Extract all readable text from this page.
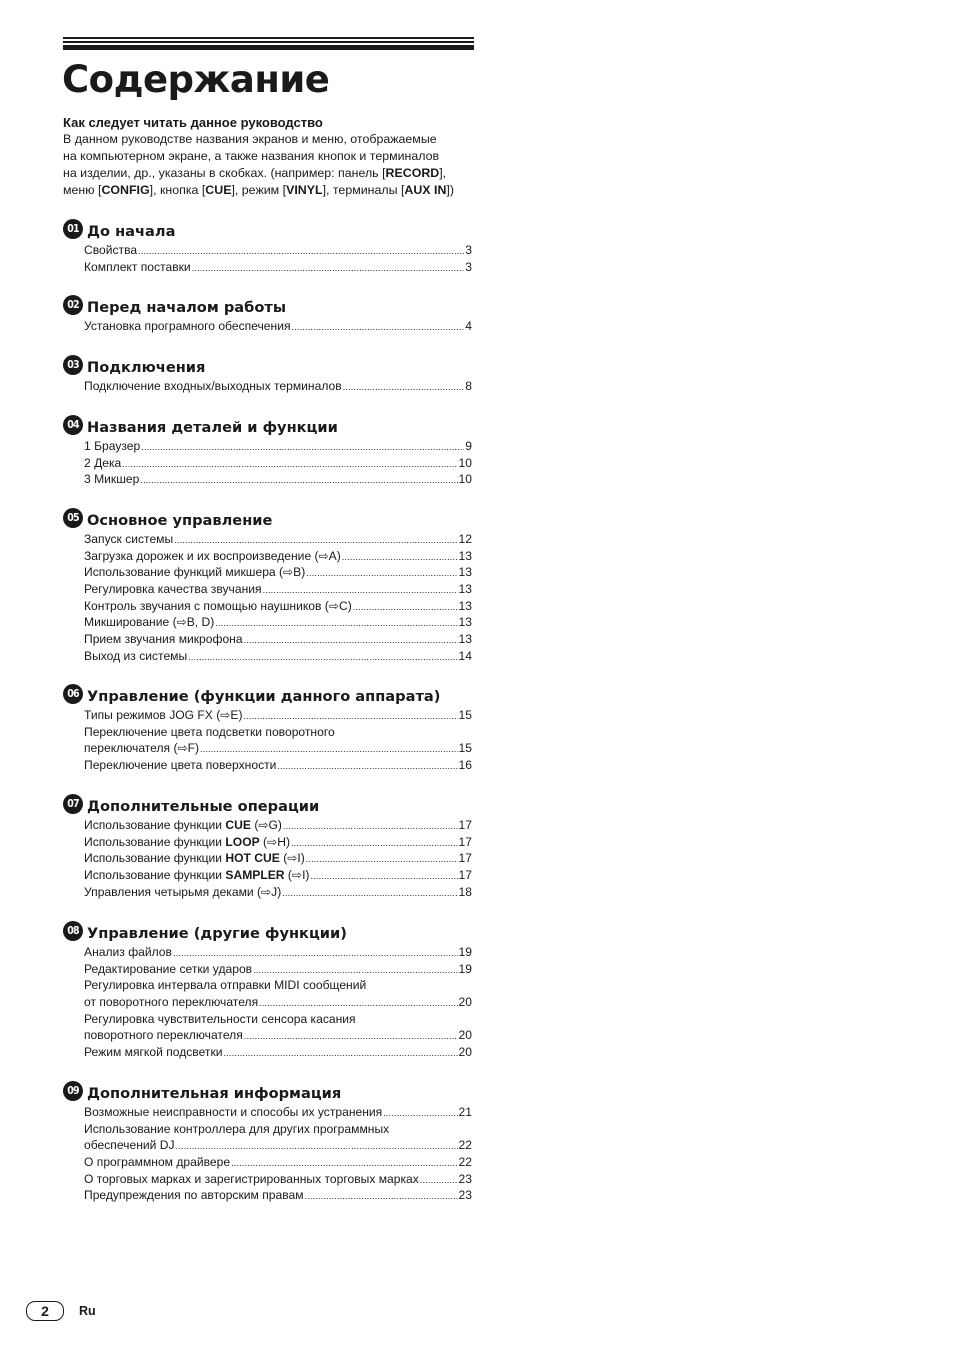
Содержание
Как следует читать данное руководство
В данном руководстве названия экранов и меню, отображаемые
на компьютерном экране, а также названия кнопок и терминалов
на изделии, др., указаны в скобках. (например: панель [RECORD],
меню [CONFIG], кнопка [CUE], режим [VINYL], терминалы [AUX IN])
01 До начала
Свойства .....	3
Комплект поставки .....	3
02 Перед началом работы
Установка програмного обеспечения .....	4
03 Подключения
Подключение входных/выходных терминалов .....	8
04 Названия деталей и функции
1 Браузер .....	9
2 Дека .....	10
3 Микшер .....	10
05 Основное управление
Запуск системы .....	12
Загрузка дорожек и их воспроизведение (⇨A) .....	13
Использование функций микшера (⇨B) .....	13
Регулировка качества звучания .....	13
Контроль звучания с помощью наушников (⇨C) .....	13
Микширование (⇨B, D) .....	13
Прием звучания микрофона .....	13
Выход из системы .....	14
06 Управление (функции данного аппарата)
Типы режимов JOG FX (⇨E) .....	15
Переключение цвета подсветки поворотного
переключателя (⇨F) .....	15
Переключение цвета поверхности .....	16
07 Дополнительные операции
Использование функции CUE (⇨G) .....	17
Использование функции LOOP (⇨H) .....	17
Использование функции HOT CUE (⇨I) .....	17
Использование функции SAMPLER (⇨I) .....	17
Управления четырьмя деками (⇨J) .....	18
08 Управление (другие функции)
Анализ файлов .....	19
Редактирование сетки ударов .....	19
Регулировка интервала отправки MIDI сообщений
от поворотного переключателя .....	20
Регулировка чувствительности сенсора касания
поворотного переключателя .....	20
Режим мягкой подсветки .....	20
09 Дополнительная информация
Возможные неисправности и способы их устранения .....	21
Использование контроллера для других программных
обеспечений DJ .....	22
О программном драйвере .....	22
О торговых марках и зарегистрированных торговых марках .....	23
Предупреждения по авторским правам .....	23
2	Ru
